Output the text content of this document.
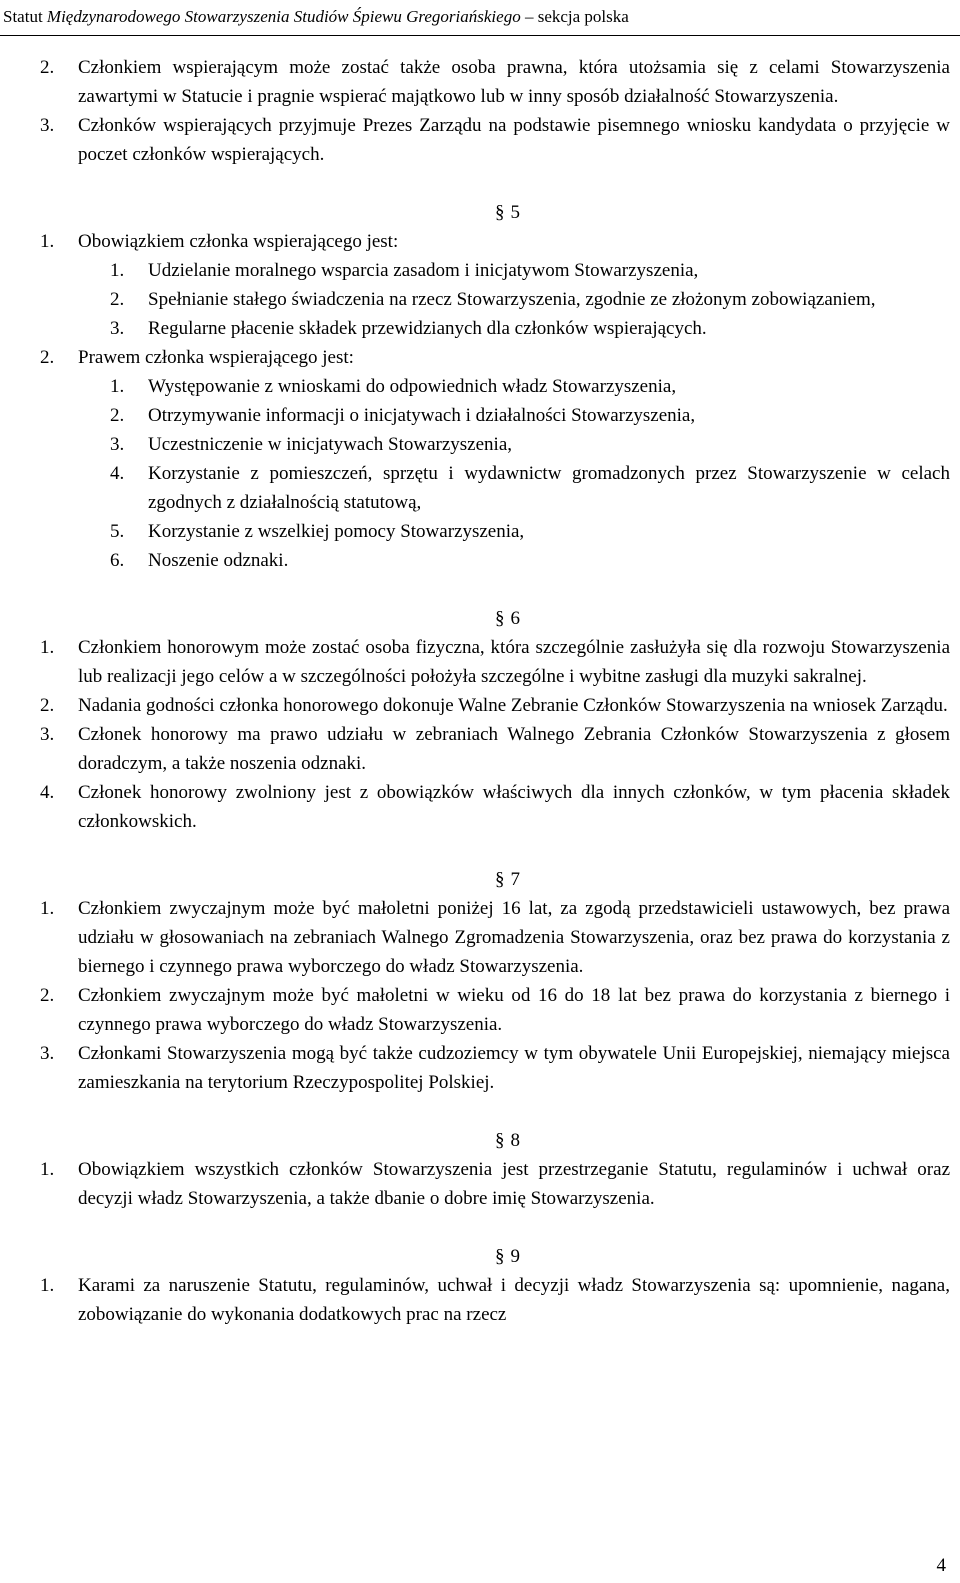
Statut Międzynarodowego Stowarzyszenia Studiów Śpiewu Gregoriańskiego – sekcja polska
2. Członkiem wspierającym może zostać także osoba prawna, która utożsamia się z celami Stowarzyszenia zawartymi w Statucie i pragnie wspierać majątkowo lub w inny sposób działalność Stowarzyszenia.
3. Członków wspierających przyjmuje Prezes Zarządu na podstawie pisemnego wniosku kandydata o przyjęcie w poczet członków wspierających.
§ 5
1. Obowiązkiem członka wspierającego jest:
1. Udzielanie moralnego wsparcia zasadom i inicjatywom Stowarzyszenia,
2. Spełnianie stałego świadczenia na rzecz Stowarzyszenia, zgodnie ze złożonym zobowiązaniem,
3. Regularne płacenie składek przewidzianych dla członków wspierających.
2. Prawem członka wspierającego jest:
1. Występowanie z wnioskami do odpowiednich władz Stowarzyszenia,
2. Otrzymywanie informacji o inicjatywach i działalności Stowarzyszenia,
3. Uczestniczenie w inicjatywach Stowarzyszenia,
4. Korzystanie z pomieszczeń, sprzętu i wydawnictw gromadzonych przez Stowarzyszenie w celach zgodnych z działalnością statutową,
5. Korzystanie z wszelkiej pomocy Stowarzyszenia,
6. Noszenie odznaki.
§ 6
1. Członkiem honorowym może zostać osoba fizyczna, która szczególnie zasłużyła się dla rozwoju Stowarzyszenia lub realizacji jego celów a w szczególności położyła szczególne i wybitne zasługi dla muzyki sakralnej.
2. Nadania godności członka honorowego dokonuje Walne Zebranie Członków Stowarzyszenia na wniosek Zarządu.
3. Członek honorowy ma prawo udziału w zebraniach Walnego Zebrania Członków Stowarzyszenia z głosem doradczym, a także noszenia odznaki.
4. Członek honorowy zwolniony jest z obowiązków właściwych dla innych członków, w tym płacenia składek członkowskich.
§ 7
1. Członkiem zwyczajnym może być małoletni poniżej 16 lat, za zgodą przedstawicieli ustawowych, bez prawa udziału w głosowaniach na zebraniach Walnego Zgromadzenia Stowarzyszenia, oraz bez prawa do korzystania z biernego i czynnego prawa wyborczego do władz Stowarzyszenia.
2. Członkiem zwyczajnym może być małoletni w wieku od 16 do 18 lat bez prawa do korzystania z biernego i czynnego prawa wyborczego do władz Stowarzyszenia.
3. Członkami Stowarzyszenia mogą być także cudzoziemcy w tym obywatele Unii Europejskiej, niemający miejsca zamieszkania na terytorium Rzeczypospolitej Polskiej.
§ 8
1. Obowiązkiem wszystkich członków Stowarzyszenia jest przestrzeganie Statutu, regulaminów i uchwał oraz decyzji władz Stowarzyszenia, a także dbanie o dobre imię Stowarzyszenia.
§ 9
1. Karami za naruszenie Statutu, regulaminów, uchwał i decyzji władz Stowarzyszenia są: upomnienie, nagana, zobowiązanie do wykonania dodatkowych prac na rzecz
4
